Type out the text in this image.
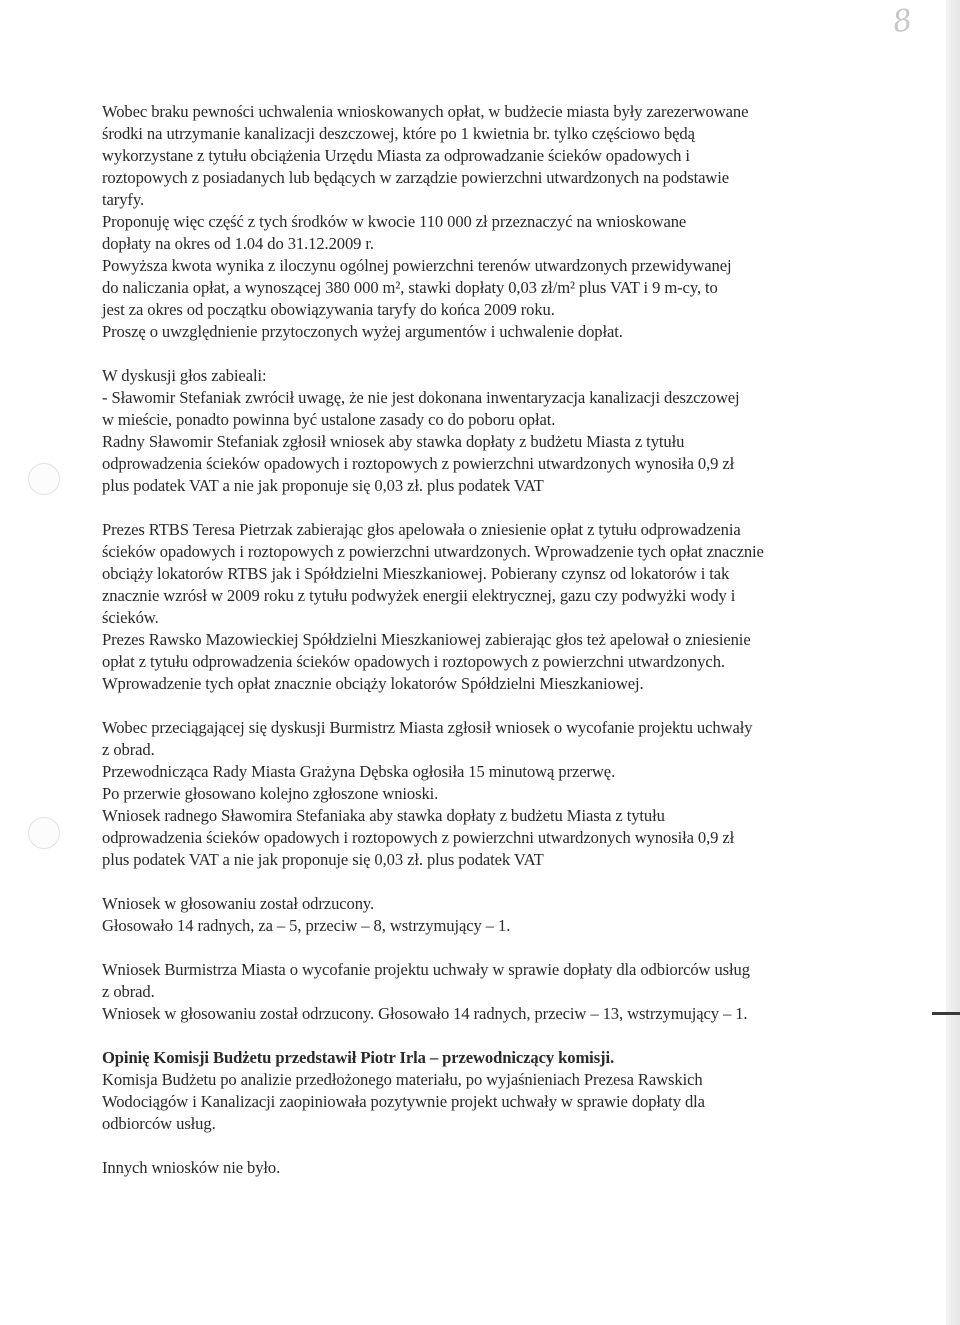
8

Wobec braku pewności uchwalenia wnioskowanych opłat, w budżecie miasta były zarezerwowane
środki na utrzymanie kanalizacji deszczowej, które po 1 kwietnia br. tylko częściowo będą
wykorzystane z tytułu obciążenia Urzędu Miasta za odprowadzanie ścieków opadowych i
roztopowych z posiadanych lub będących w zarządzie powierzchni utwardzonych na podstawie
taryfy.

Proponuję więc część z tych środków w kwocie 110 000 zł przeznaczyć na wnioskowane
dopłaty na okres od 1.04 do 31.12.2009 r.

Powyższa kwota wynika z iloczynu ogólnej powierzchni terenów utwardzonych przewidywanej
do naliczania opłat, a wynoszącej 380 000 m², stawki dopłaty 0,03 zł/m² plus VAT i 9 m-cy, to
jest za okres od początku obowiązywania taryfy do końca 2009 roku.

Proszę o uwzględnienie przytoczonych wyżej argumentów i uchwalenie dopłat.

W dyskusji głos zabieali:

- Sławomir Stefaniak zwrócił uwagę, że nie jest dokonana inwentaryzacja kanalizacji deszczowej
w mieście, ponadto powinna być ustalone zasady co do poboru opłat.

Radny Sławomir Stefaniak zgłosił wniosek aby stawka dopłaty z budżetu Miasta z tytułu
odprowadzenia ścieków opadowych i roztopowych z powierzchni utwardzonych wynosiła 0,9 zł
plus podatek VAT a nie jak proponuje się 0,03 zł. plus podatek VAT

Prezes RTBS Teresa Pietrzak zabierając głos apelowała o zniesienie opłat z tytułu odprowadzenia
ścieków opadowych i roztopowych z powierzchni utwardzonych. Wprowadzenie tych opłat znacznie
obciąży lokatorów RTBS jak i Spółdzielni Mieszkaniowej. Pobierany czynsz od lokatorów i tak
znacznie wzrósł w 2009 roku z tytułu podwyżek energii elektrycznej, gazu czy podwyżki wody i
ścieków.

Prezes Rawsko Mazowieckiej Spółdzielni Mieszkaniowej zabierając głos też apelował o zniesienie
opłat z tytułu odprowadzenia ścieków opadowych i roztopowych z powierzchni utwardzonych.
Wprowadzenie tych opłat znacznie obciąży lokatorów Spółdzielni Mieszkaniowej.

Wobec przeciągającej się dyskusji Burmistrz Miasta zgłosił wniosek o wycofanie projektu uchwały
z obrad.

Przewodnicząca Rady Miasta Grażyna Dębska ogłosiła 15 minutową przerwę.

Po przerwie głosowano kolejno zgłoszone wnioski.

Wniosek radnego Sławomira Stefaniaka aby stawka dopłaty z budżetu Miasta z tytułu
odprowadzenia ścieków opadowych i roztopowych z powierzchni utwardzonych wynosiła 0,9 zł
plus podatek VAT a nie jak proponuje się 0,03 zł. plus podatek VAT

Wniosek w głosowaniu został odrzucony.

Głosowało 14 radnych, za – 5, przeciw – 8, wstrzymujący – 1.

Wniosek Burmistrza Miasta o wycofanie projektu uchwały w sprawie dopłaty dla odbiorców usług
z obrad.

Wniosek w głosowaniu został odrzucony. Głosowało 14 radnych, przeciw – 13, wstrzymujący – 1.

Opinię Komisji Budżetu przedstawił Piotr Irla – przewodniczący komisji.

Komisja Budżetu po analizie przedłożonego materiału, po wyjaśnieniach Prezesa Rawskich
Wodociągów i Kanalizacji zaopiniowała pozytywnie projekt uchwały w sprawie dopłaty dla
odbiorców usług.

Innych wniosków nie było.
